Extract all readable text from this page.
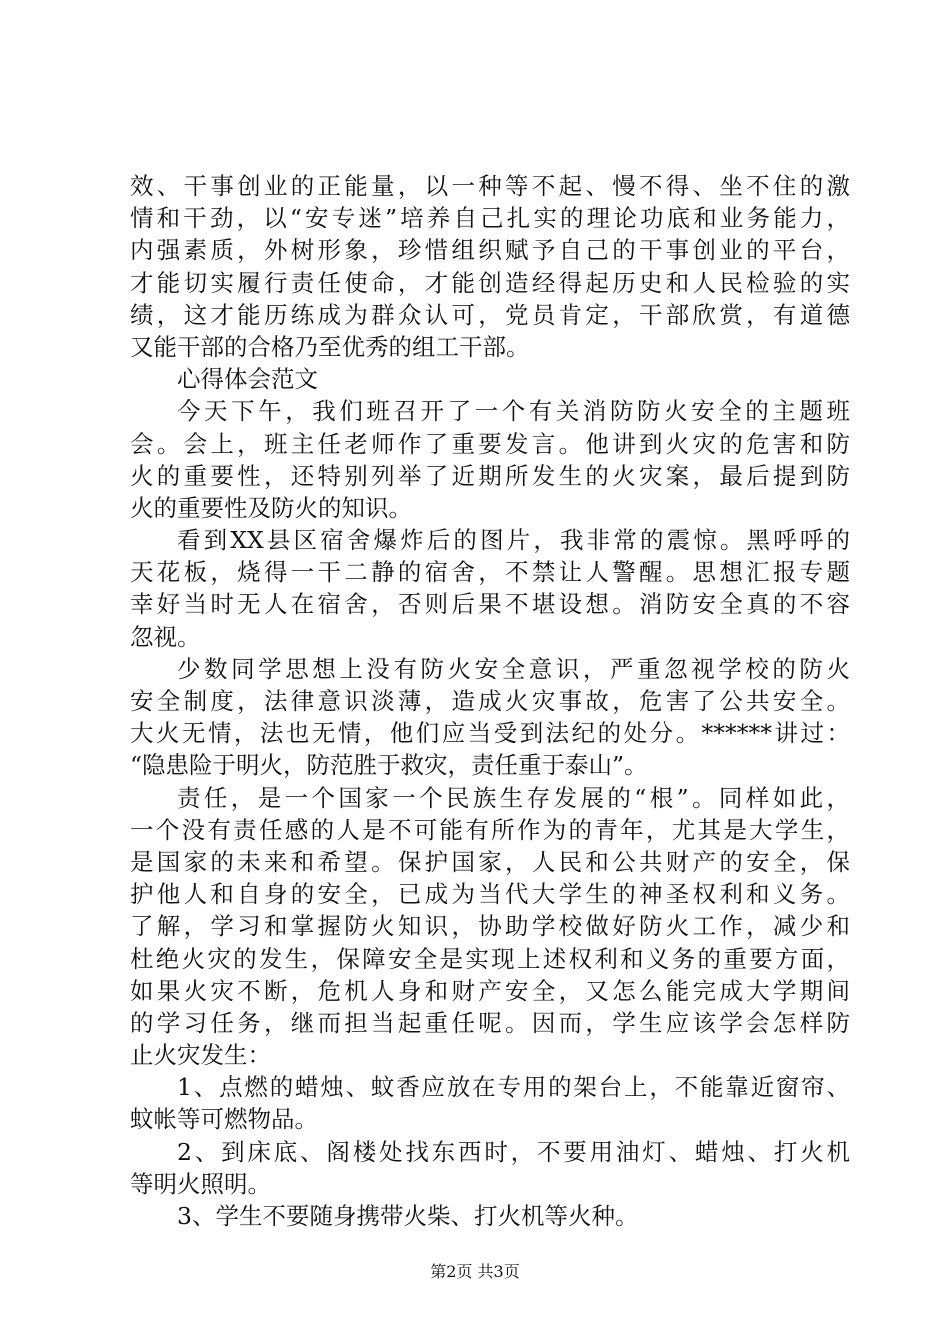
效、干事创业的正能量，以一种等不起、慢不得、坐不住的激
情和干劲，以“安专迷”培养自己扎实的理论功底和业务能力，
内强素质，外树形象，珍惜组织赋予自己的干事创业的平台，
才能切实履行责任使命，才能创造经得起历史和人民检验的实
绩，这才能历练成为群众认可，党员肯定，干部欣赏，有道德
又能干部的合格乃至优秀的组工干部。
心得体会范文
今天下午，我们班召开了一个有关消防防火安全的主题班
会。会上，班主任老师作了重要发言。他讲到火灾的危害和防
火的重要性，还特别列举了近期所发生的火灾案，最后提到防
火的重要性及防火的知识。
看到XX县区宿舍爆炸后的图片，我非常的震惊。黑呼呼的
天花板，烧得一干二静的宿舍，不禁让人警醒。思想汇报专题
幸好当时无人在宿舍，否则后果不堪设想。消防安全真的不容
忽视。
少数同学思想上没有防火安全意识，严重忽视学校的防火
安全制度，法律意识淡薄，造成火灾事故，危害了公共安全。
大火无情，法也无情，他们应当受到法纪的处分。******讲过：
“隐患险于明火，防范胜于救灾，责任重于泰山”。
责任，是一个国家一个民族生存发展的“根”。同样如此，
一个没有责任感的人是不可能有所作为的青年，尤其是大学生，
是国家的未来和希望。保护国家，人民和公共财产的安全，保
护他人和自身的安全，已成为当代大学生的神圣权利和义务。
了解，学习和掌握防火知识，协助学校做好防火工作，减少和
杜绝火灾的发生，保障安全是实现上述权利和义务的重要方面，
如果火灾不断，危机人身和财产安全，又怎么能完成大学期间
的学习任务，继而担当起重任呢。因而，学生应该学会怎样防
止火灾发生：
1、点燃的蜡烛、蚊香应放在专用的架台上，不能靠近窗帘、
蚊帐等可燃物品。
2、到床底、阁楼处找东西时，不要用油灯、蜡烛、打火机
等明火照明。
3、学生不要随身携带火柴、打火机等火种。
第2页 共3页
